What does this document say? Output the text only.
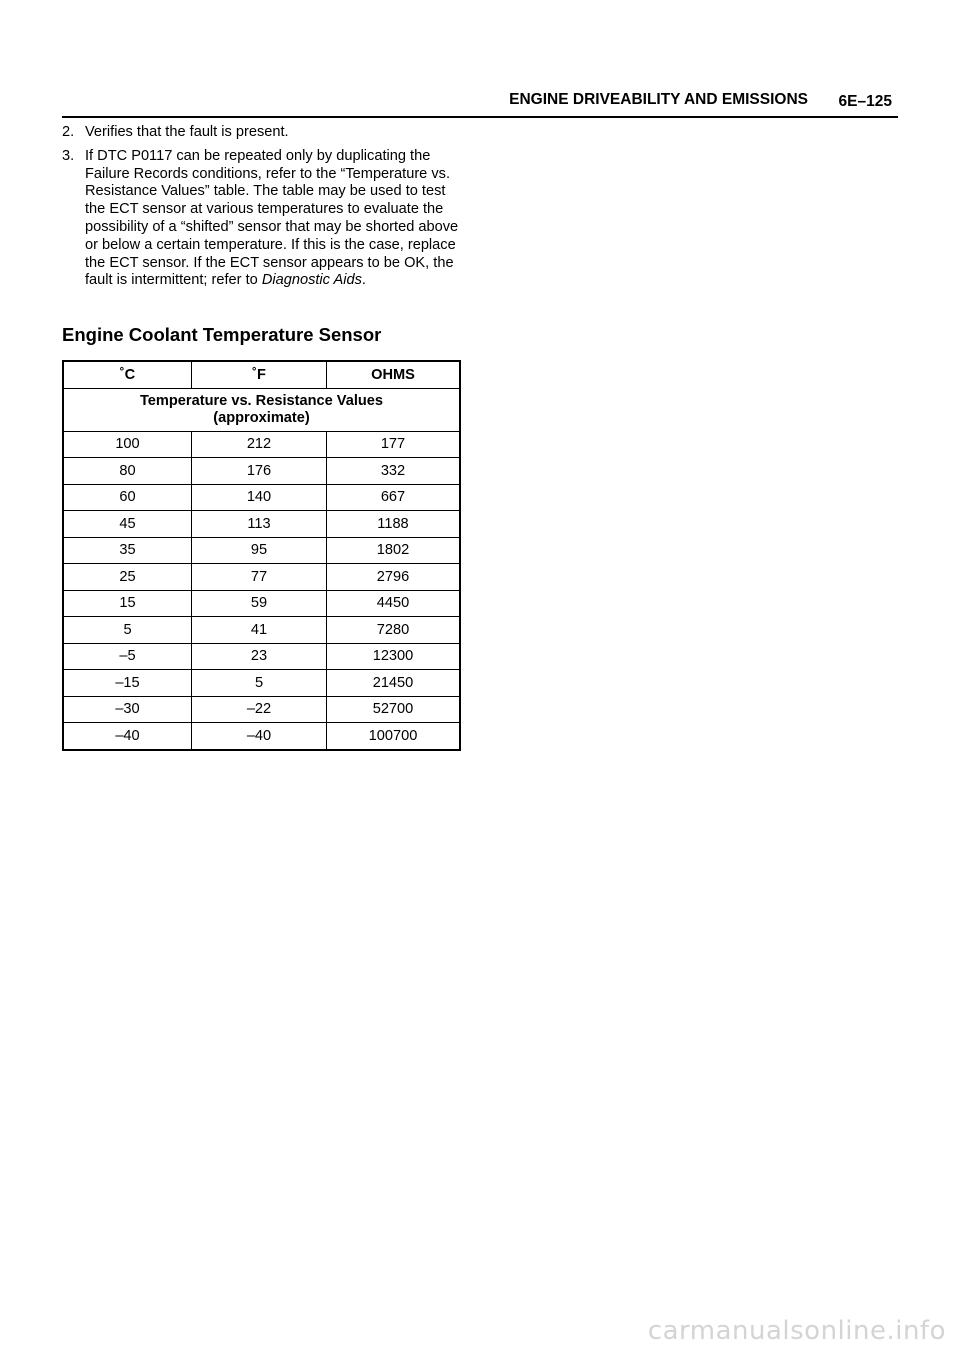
ENGINE DRIVEABILITY AND EMISSIONS 6E–125
2. Verifies that the fault is present.
3. If DTC P0117 can be repeated only by duplicating the Failure Records conditions, refer to the “Temperature vs. Resistance Values” table. The table may be used to test the ECT sensor at various temperatures to evaluate the possibility of a “shifted” sensor that may be shorted above or below a certain temperature. If this is the case, replace the ECT sensor. If the ECT sensor appears to be OK, the fault is intermittent; refer to Diagnostic Aids.
Engine Coolant Temperature Sensor
˚C	˚F	OHMS
Temperature vs. Resistance Values
(approximate)		
100	212	177
80	176	332
60	140	667
45	113	1188
35	95	1802
25	77	2796
15	59	4450
5	41	7280
–5	23	12300
–15	5	21450
–30	–22	52700
–40	–40	100700
carmanualsonline.info
